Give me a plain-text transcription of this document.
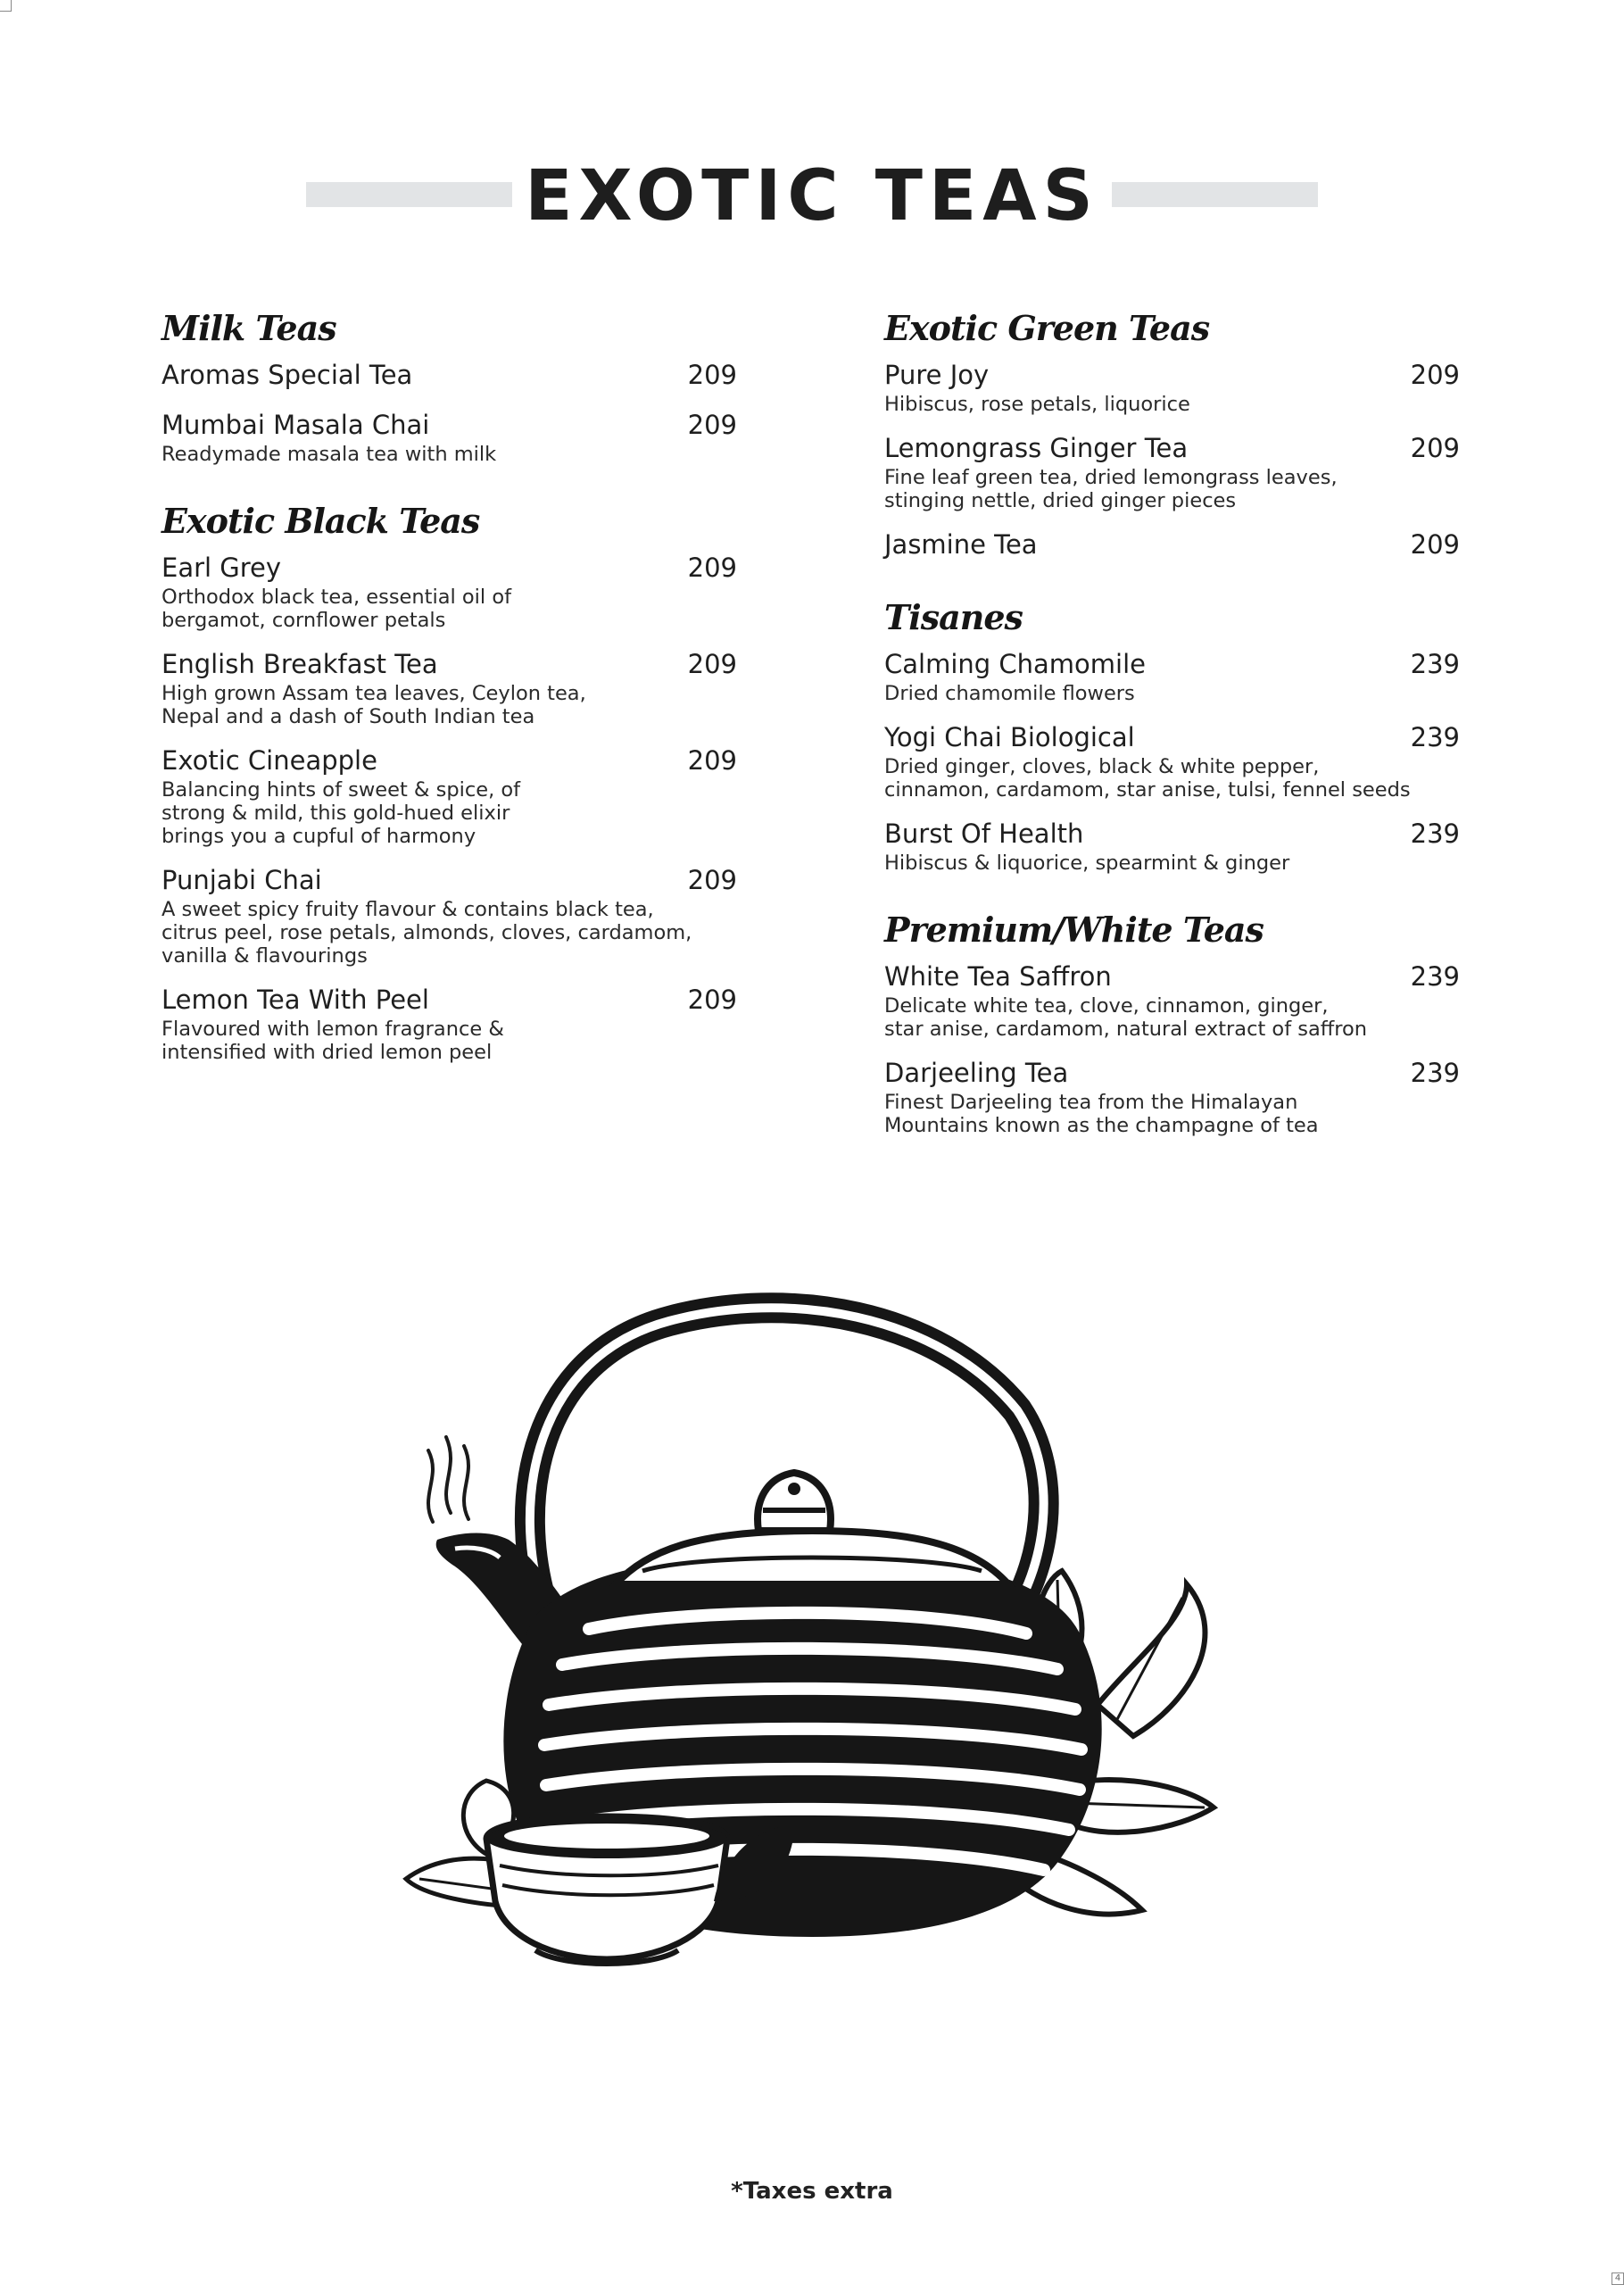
4
EXOTIC TEAS
Milk Teas
Aromas Special Tea	209
Mumbai Masala Chai	209
Readymade masala tea with milk
Exotic Black Teas
Earl Grey	209
Orthodox black tea, essential oil of
bergamot, cornflower petals
English Breakfast Tea	209
High grown Assam tea leaves, Ceylon tea,
Nepal and a dash of South Indian tea
Exotic Cineapple	209
Balancing hints of sweet & spice, of
strong & mild, this gold-hued elixir
brings you a cupful of harmony
Punjabi Chai	209
A sweet spicy fruity flavour & contains black tea,
citrus peel, rose petals, almonds, cloves, cardamom,
vanilla & flavourings
Lemon Tea With Peel	209
Flavoured with lemon fragrance &
intensified with dried lemon peel
Exotic Green Teas
Pure Joy	209
Hibiscus, rose petals, liquorice
Lemongrass Ginger Tea	209
Fine leaf green tea, dried lemongrass leaves,
stinging nettle, dried ginger pieces
Jasmine Tea	209
Tisanes
Calming Chamomile	239
Dried chamomile flowers
Yogi Chai Biological	239
Dried ginger, cloves, black & white pepper,
cinnamon, cardamom, star anise, tulsi, fennel seeds
Burst Of Health	239
Hibiscus & liquorice, spearmint & ginger
Premium/White Teas
White Tea Saffron	239
Delicate white tea, clove, cinnamon, ginger,
star anise, cardamom, natural extract of saffron
Darjeeling Tea	239
Finest Darjeeling tea from the Himalayan
Mountains known as the champagne of tea
*Taxes extra
